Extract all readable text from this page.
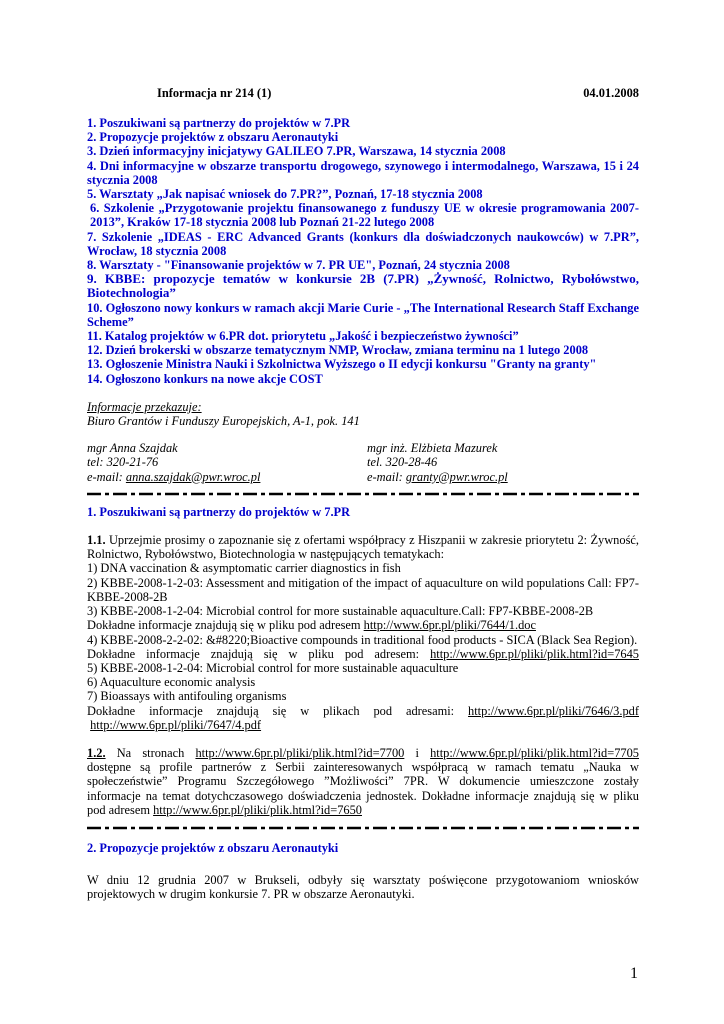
Informacja nr 214 (1)	04.01.2008
1. Poszukiwani są partnerzy do projektów w 7.PR
2. Propozycje projektów z obszaru Aeronautyki
3. Dzień informacyjny inicjatywy GALILEO 7.PR, Warszawa, 14 stycznia 2008
4. Dni informacyjne w obszarze transportu drogowego, szynowego i intermodalnego, Warszawa, 15 i 24 stycznia 2008
5. Warsztaty „Jak napisać wniosek do 7.PR?”, Poznań, 17-18 stycznia 2008
6. Szkolenie „Przygotowanie projektu finansowanego z funduszy UE w okresie programowania 2007-2013”, Kraków 17-18 stycznia 2008 lub Poznań 21-22 lutego 2008
7. Szkolenie „IDEAS - ERC Advanced Grants (konkurs dla doświadczonych naukowców) w 7.PR”, Wrocław, 18 stycznia 2008
8. Warsztaty - "Finansowanie projektów w 7. PR UE", Poznań, 24 stycznia 2008
9. KBBE: propozycje tematów w konkursie 2B (7.PR) „Żywność, Rolnictwo, Rybołówstwo, Biotechnologia”
10. Ogłoszono nowy konkurs w ramach akcji Marie Curie - „The International Research Staff Exchange Scheme”
11. Katalog projektów w 6.PR dot. priorytetu „Jakość i bezpieczeństwo żywności”
12. Dzień brokerski w obszarze tematycznym NMP, Wrocław, zmiana terminu na 1 lutego 2008
13. Ogłoszenie Ministra Nauki i Szkolnictwa Wyższego o II edycji konkursu "Granty na granty"
14. Ogłoszono konkurs na nowe akcje COST
Informacje przekazuje:
Biuro Grantów i Funduszy Europejskich, A-1, pok. 141
mgr Anna Szajdak
tel: 320-21-76
e-mail: anna.szajdak@pwr.wroc.pl
mgr inż. Elżbieta Mazurek
tel. 320-28-46
e-mail: granty@pwr.wroc.pl
1. Poszukiwani są partnerzy do projektów w 7.PR
1.1. Uprzejmie prosimy o zapoznanie się z ofertami współpracy z Hiszpanii w zakresie priorytetu 2: Żywność, Rolnictwo, Rybołówstwo, Biotechnologia w następujących tematykach:
1) DNA vaccination & asymptomatic carrier diagnostics in fish
2) KBBE-2008-1-2-03: Assessment and mitigation of the impact of aquaculture on wild populations Call: FP7-KBBE-2008-2B
3) KBBE-2008-1-2-04: Microbial control for more sustainable aquaculture.Call: FP7-KBBE-2008-2B
Dokładne informacje znajdują się w pliku pod adresem http://www.6pr.pl/pliki/7644/1.doc
4) KBBE-2008-2-2-02: &#8220;Bioactive compounds in traditional food products - SICA (Black Sea Region).
Dokładne informacje znajdują się w pliku pod adresem: http://www.6pr.pl/pliki/plik.html?id=7645
5) KBBE-2008-1-2-04: Microbial control for more sustainable aquaculture
6) Aquaculture economic analysis
7) Bioassays with antifouling organisms
Dokładne informacje znajdują się w plikach pod adresami: http://www.6pr.pl/pliki/7646/3.pdf
http://www.6pr.pl/pliki/7647/4.pdf
1.2. Na stronach http://www.6pr.pl/pliki/plik.html?id=7700 i http://www.6pr.pl/pliki/plik.html?id=7705 dostępne są profile partnerów z Serbii zainteresowanych współpracą w ramach tematu „Nauka w społeczeństwie” Programu Szczegółowego ”Możliwości” 7PR. W dokumencie umieszczone zostały informacje na temat dotychczasowego doświadczenia jednostek. Dokładne informacje znajdują się w pliku pod adresem http://www.6pr.pl/pliki/plik.html?id=7650
2. Propozycje projektów z obszaru Aeronautyki
W dniu 12 grudnia 2007 w Brukseli, odbyły się warsztaty poświęcone przygotowaniom wniosków projektowych w drugim konkursie 7. PR w obszarze Aeronautyki.
1
